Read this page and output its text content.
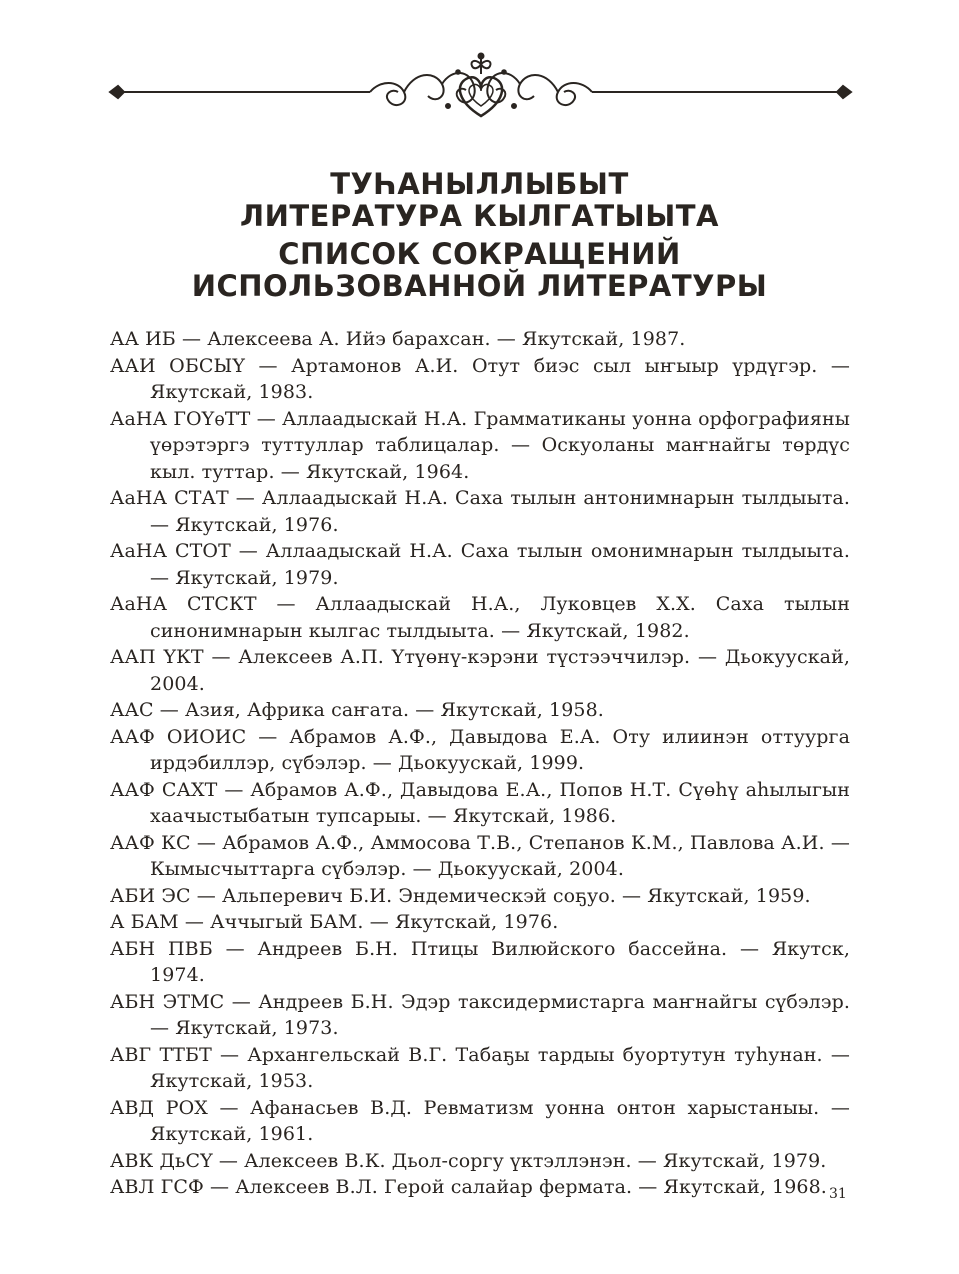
ТУҺАНЫЛЛЫБЫТ
ЛИТЕРАТУРА КЫЛГАТЫЫТА
СПИСОК СОКРАЩЕНИЙ
ИСПОЛЬЗОВАННОЙ ЛИТЕРАТУРЫ
АА ИБ — Алексеева А. Ийэ барахсан. — Якутскай, 1987.
ААИ ОБСЫҮ — Артамонов А.И. Отут биэс сыл ыҥыыр үрдүгэр. — Якутскай, 1983.
АаНА ГОҮѳТТ — Аллаадыскай Н.А. Грамматиканы уонна орфографияны үөрэтэргэ туттуллар таблицалар. — Оскуоланы маҥнайгы төрдүс кыл. туттар. — Якутскай, 1964.
АаНА СТАТ — Аллаадыскай Н.А. Саха тылын антонимнарын тылдыыта. — Якутскай, 1976.
АаНА СТОТ — Аллаадыскай Н.А. Саха тылын омонимнарын тылдыыта. — Якутскай, 1979.
АаНА СТСКТ — Аллаадыскай Н.А., Луковцев Х.Х. Саха тылын синонимнарын кылгас тылдыыта. — Якутскай, 1982.
ААП ҮКТ — Алексеев А.П. Үтүөнү-кэрэни түстээччилэр. — Дьокуускай, 2004.
ААС — Азия, Африка саҥата. — Якутскай, 1958.
ААФ ОИОИС — Абрамов А.Ф., Давыдова Е.А. Оту илиинэн оттуурга ирдэбиллэр, сүбэлэр. — Дьокуускай, 1999.
ААФ САХТ — Абрамов А.Ф., Давыдова Е.А., Попов Н.Т. Сүөһү аһылыгын хаачыстыбатын тупсарыы. — Якутскай, 1986.
ААФ КС — Абрамов А.Ф., Аммосова Т.В., Степанов К.М., Павлова А.И. — Кымысчыттарга сүбэлэр. — Дьокуускай, 2004.
АБИ ЭС — Альперевич Б.И. Эндемическэй соҕуо. — Якутскай, 1959.
А БАМ — Аччыгый БАМ. — Якутскай, 1976.
АБН ПВБ — Андреев Б.Н. Птицы Вилюйского бассейна. — Якутск, 1974.
АБН ЭТМС — Андреев Б.Н. Эдэр таксидермистарга маҥнайгы сүбэлэр. — Якутскай, 1973.
АВГ ТТБТ — Архангельскай В.Г. Табаҕы тардыы буортутун туһунан. — Якутскай, 1953.
АВД РОХ — Афанасьев В.Д. Ревматизм уонна онтон харыстаныы. — Якутскай, 1961.
АВК ДьСҮ — Алексеев В.К. Дьол-соргу үктэллэнэн. — Якутскай, 1979.
АВЛ ГСФ — Алексеев В.Л. Герой салайар фермата. — Якутскай, 1968. 31
